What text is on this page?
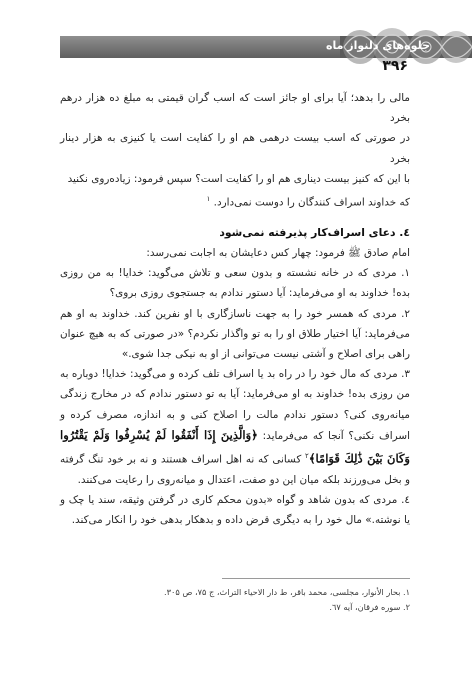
جلوه‌های دلنواز ماه
۳۹۶

مالی را بدهد؛ آیا برای او جائز است که اسب گران قیمتی به مبلغ ده هزار درهم بخرد

در صورتی که اسب بیست درهمی هم او را کفایت است یا کنیزی به هزار دینار بخرد

با این که کنیز بیست دیناری هم او را کفایت است؟ سپس فرمود: زیاده‌روی نکنید

که خداوند اسراف کنندگان را دوست نمی‌دارد. $^۱$

٤. دعای اسراف‌کار پذیرفته نمی‌شود

امام صادق ﷺ فرمود: چهار کس دعایشان به اجابت نمی‌رسد:

۱. مردی که در خانه نشسته و بدون سعی و تلاش می‌گوید: خدایا! به من روزی بده! خداوند به او می‌فرماید: آیا دستور ندادم به جستجوی روزی بروی؟

۲. مردی که همسر خود را به جهت ناسازگاری با او نفرین کند. خداوند به او هم می‌فرماید: آیا اختیار طلاق او را به تو واگذار نکردم؟ «در صورتی که به هیچ عنوان راهی برای اصلاح و آشتی نیست می‌توانی از او به نیکی جدا شوی.»

۳. مردی که مال خود را در راه بد یا اسراف تلف کرده و می‌گوید: خدایا! دوباره به من روزی بده! خداوند به او می‌فرماید: آیا به تو دستور ندادم که در مخارج زندگی میانه‌روی کنی؟ دستور ندادم مالت را اصلاح کنی و به اندازه، مصرف کرده و اسراف نکنی؟ آنجا که می‌فرماید: ﴿وَالَّذِينَ إِذَا أَنْفَقُوا لَمْ يُسْرِفُوا وَلَمْ يَقْتُرُوا وَكَانَ بَيْنَ ذَٰلِكَ قَوَامًا﴾$^۲$ کسانی که نه اهل اسراف هستند و نه بر خود تنگ گرفته و بخل می‌ورزند بلکه میان این دو صفت، اعتدال و میانه‌روی را رعایت می‌کنند.

٤. مردی که بدون شاهد و گواه «بدون محکم کاری در گرفتن وثیقه، سند یا چک و یا نوشته.» مال خود را به دیگری قرض داده و بدهکار بدهی خود را انکار می‌کند.

۱. بحار الأنوار، مجلسی، محمد باقر، ط دار الاحیاء التراث، ج ۷۵، ص ۳۰۵.

۲. سوره فرقان، آیه ٦۷.
